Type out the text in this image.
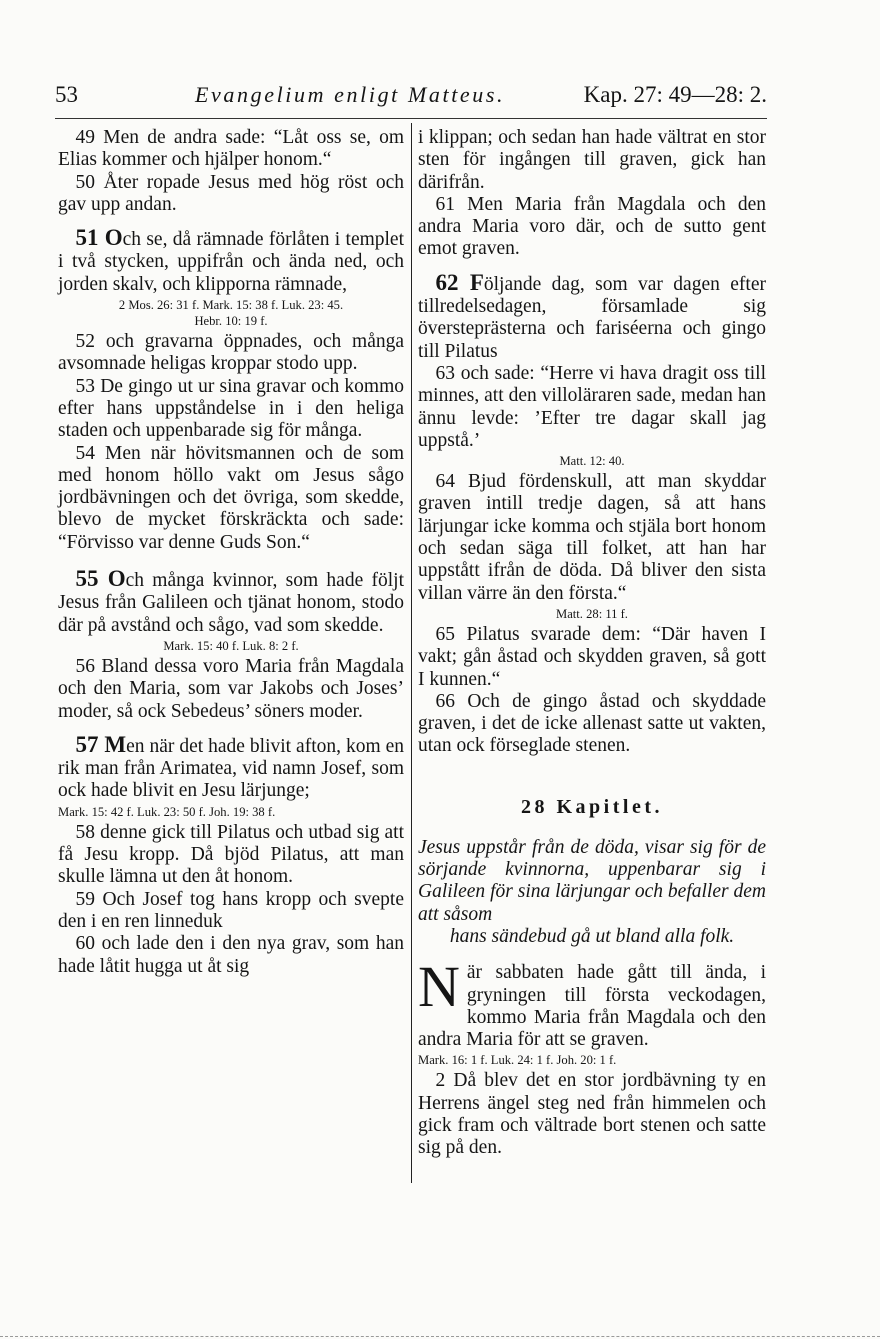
53	Evangelium enligt Matteus.	Kap. 27: 49—28: 2.

49 Men de andra sade: “Låt oss se, om Elias kommer och hjälper honom.“

50 Åter ropade Jesus med hög röst och gav upp andan.

51 Och se, då rämnade förlåten i templet i två stycken, uppifrån och ända ned, och jorden skalv, och klipporna rämnade,

2 Mos. 26: 31 f. Mark. 15: 38 f. Luk. 23: 45.
Hebr. 10: 19 f.

52 och gravarna öppnades, och många avsomnade heligas kroppar stodo upp.

53 De gingo ut ur sina gravar och kommo efter hans uppståndelse in i den heliga staden och uppenbarade sig för många.

54 Men när hövitsmannen och de som med honom höllo vakt om Jesus sågo jordbävningen och det övriga, som skedde, blevo de mycket förskräckta och sade: “Förvisso var denne Guds Son.“

55 Och många kvinnor, som hade följt Jesus från Galileen och tjänat honom, stodo där på avstånd och sågo, vad som skedde.

Mark. 15: 40 f. Luk. 8: 2 f.

56 Bland dessa voro Maria från Magdala och den Maria, som var Jakobs och Joses’ moder, så ock Sebedeus’ söners moder.

57 Men när det hade blivit afton, kom en rik man från Arimatea, vid namn Josef, som ock hade blivit en Jesu lärjunge;

Mark. 15: 42 f. Luk. 23: 50 f. Joh. 19: 38 f.

58 denne gick till Pilatus och utbad sig att få Jesu kropp. Då bjöd Pilatus, att man skulle lämna ut den åt honom.

59 Och Josef tog hans kropp och svepte den i en ren linneduk

60 och lade den i den nya grav, som han hade låtit hugga ut åt sig

i klippan; och sedan han hade vältrat en stor sten för ingången till graven, gick han därifrån.

61 Men Maria från Magdala och den andra Maria voro där, och de sutto gent emot graven.

62 Följande dag, som var dagen efter tillredelsedagen, församlade sig översteprästerna och fariséerna och gingo till Pilatus

63 och sade: “Herre vi hava dragit oss till minnes, att den villoläraren sade, medan han ännu levde: ’Efter tre dagar skall jag uppstå.’

Matt. 12: 40.

64 Bjud fördenskull, att man skyddar graven intill tredje dagen, så att hans lärjungar icke komma och stjäla bort honom och sedan säga till folket, att han har uppstått ifrån de döda. Då bliver den sista villan värre än den första.“

Matt. 28: 11 f.

65 Pilatus svarade dem: “Där haven I vakt; gån åstad och skydden graven, så gott I kunnen.“

66 Och de gingo åstad och skyddade graven, i det de icke allenast satte ut vakten, utan ock förseglade stenen.

28 Kapitlet.

Jesus uppstår från de döda, visar sig för de sörjande kvinnorna, uppenbarar sig i Galileen för sina lärjungar och befaller dem att såsom
hans sändebud gå ut bland alla folk.

När sabbaten hade gått till ända, i gryningen till första veckodagen, kommo Maria från Magdala och den andra Maria för att se graven.

Mark. 16: 1 f. Luk. 24: 1 f. Joh. 20: 1 f.

2 Då blev det en stor jordbävning ty en Herrens ängel steg ned från himmelen och gick fram och vältrade bort stenen och satte sig på den.
